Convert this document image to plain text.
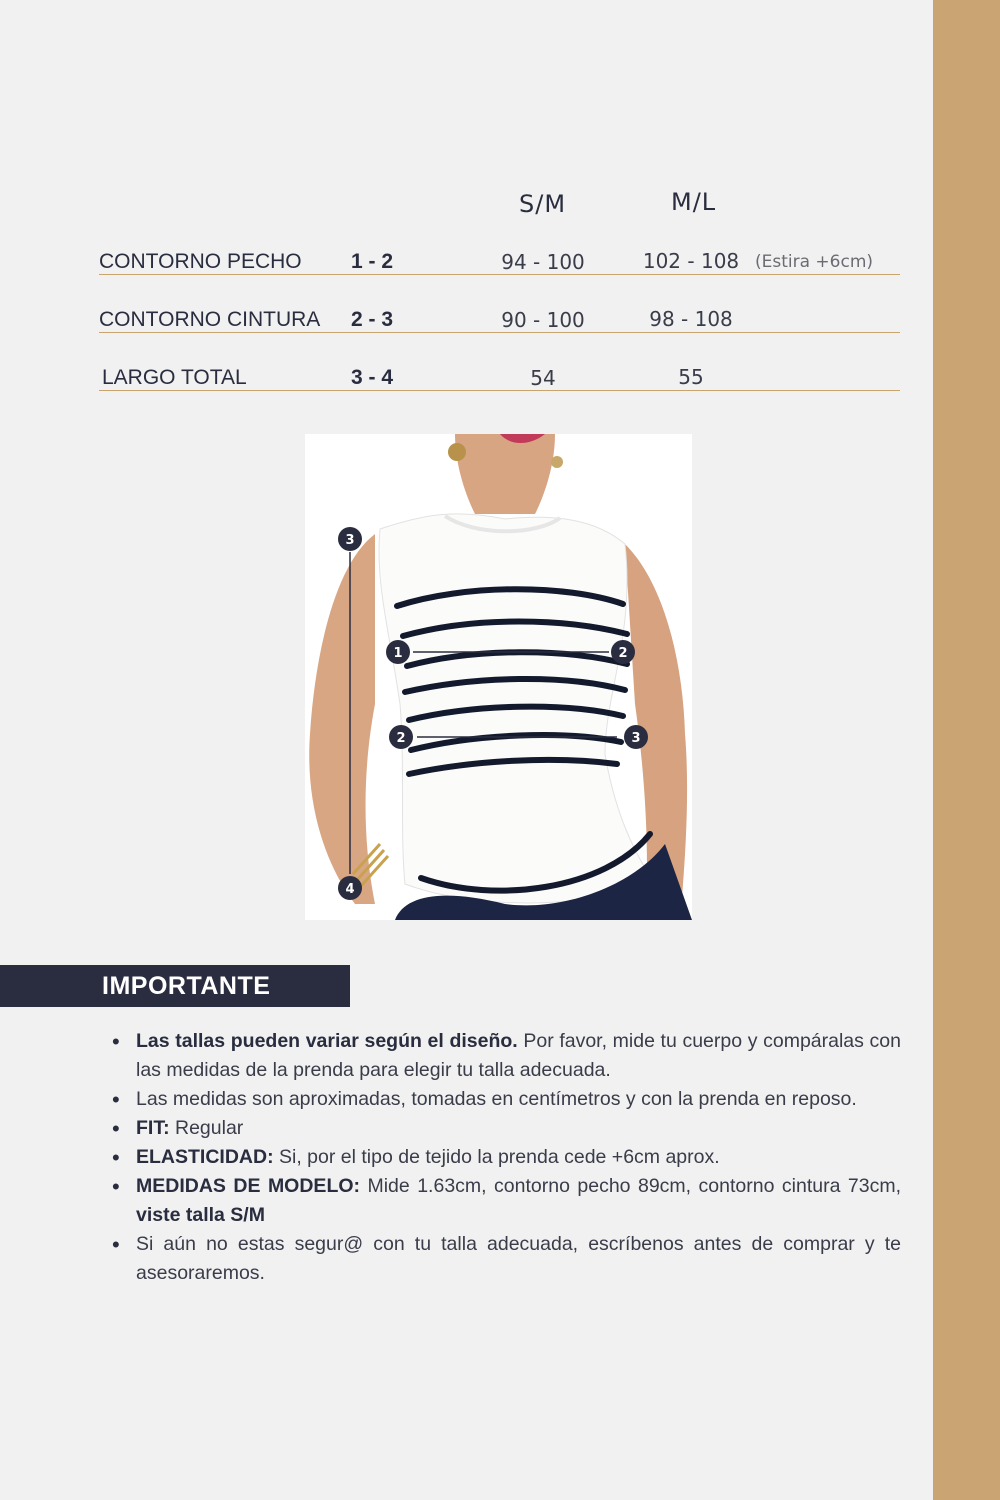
S/M	M/L
CONTORNO PECHO 1 - 2	94 - 100	102 - 108 (Estira +6cm)
CONTORNO CINTURA 2 - 3	90 - 100	98 - 108
LARGO TOTAL	3 - 4	54	55
3
4
1	2
2	3
IMPORTANTE
• Las tallas pueden variar según el diseño. Por favor, mide tu cuerpo y compáralas con las medidas de la prenda para elegir tu talla adecuada.
• Las medidas son aproximadas, tomadas en centímetros y con la prenda en reposo.
• FIT: Regular
• ELASTICIDAD: Si, por el tipo de tejido la prenda cede +6cm aprox.
• MEDIDAS DE MODELO: Mide 1.63cm, contorno pecho 89cm, contorno cintura 73cm, viste talla S/M
• Si aún no estas segur@ con tu talla adecuada, escríbenos antes de comprar y te asesoraremos.
